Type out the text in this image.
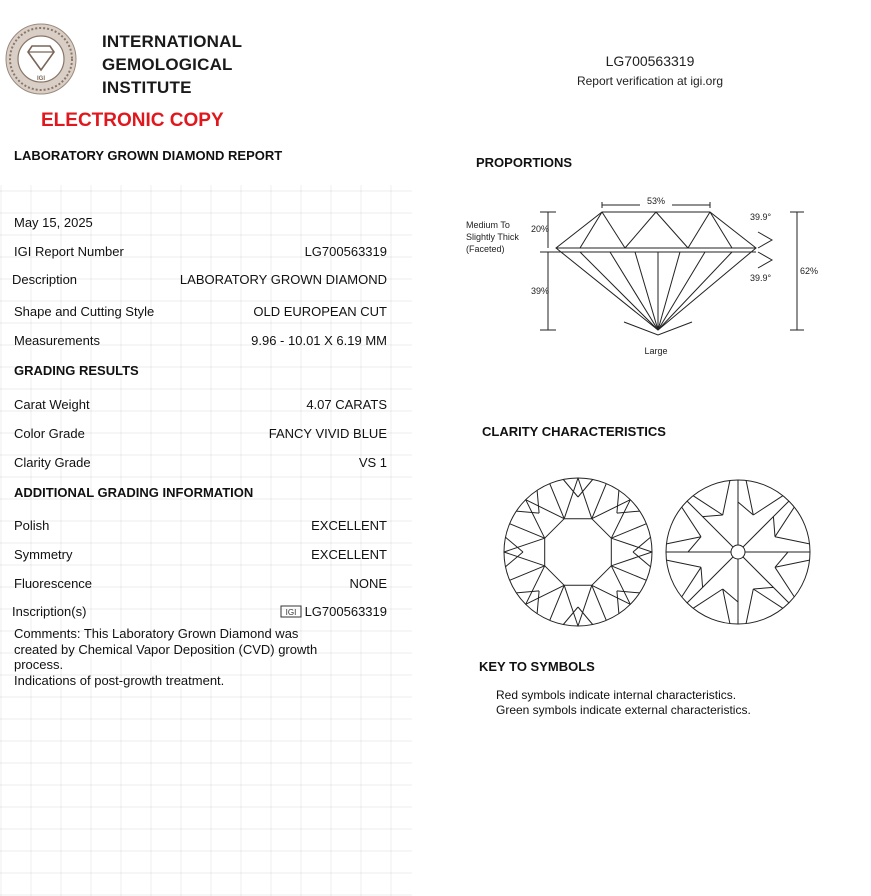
IGI
INTERNATIONAL
GEMOLOGICAL
INSTITUTE
ELECTRONIC COPY
LABORATORY GROWN DIAMOND REPORT
LG700563319
Report verification at igi.org
May 15, 2025
IGI Report Number	LG700563319
Description	LABORATORY GROWN DIAMOND
Shape and Cutting Style	OLD EUROPEAN CUT
Measurements	9.96 - 10.01 X 6.19 MM
GRADING RESULTS
Carat Weight	4.07 CARATS
Color Grade	FANCY VIVID BLUE
Clarity Grade	VS 1
ADDITIONAL GRADING INFORMATION
Polish	EXCELLENT
Symmetry	EXCELLENT
Fluorescence	NONE
Inscription(s)	IGI LG700563319
Comments: This Laboratory Grown Diamond was
created by Chemical Vapor Deposition (CVD) growth
process.
Indications of post-growth treatment.
PROPORTIONS
53%
20%
39%
39.9°
39.9°
62%
Medium To
Slightly Thick
(Faceted)
Large
CLARITY CHARACTERISTICS
KEY TO SYMBOLS
Red symbols indicate internal characteristics.
Green symbols indicate external characteristics.
